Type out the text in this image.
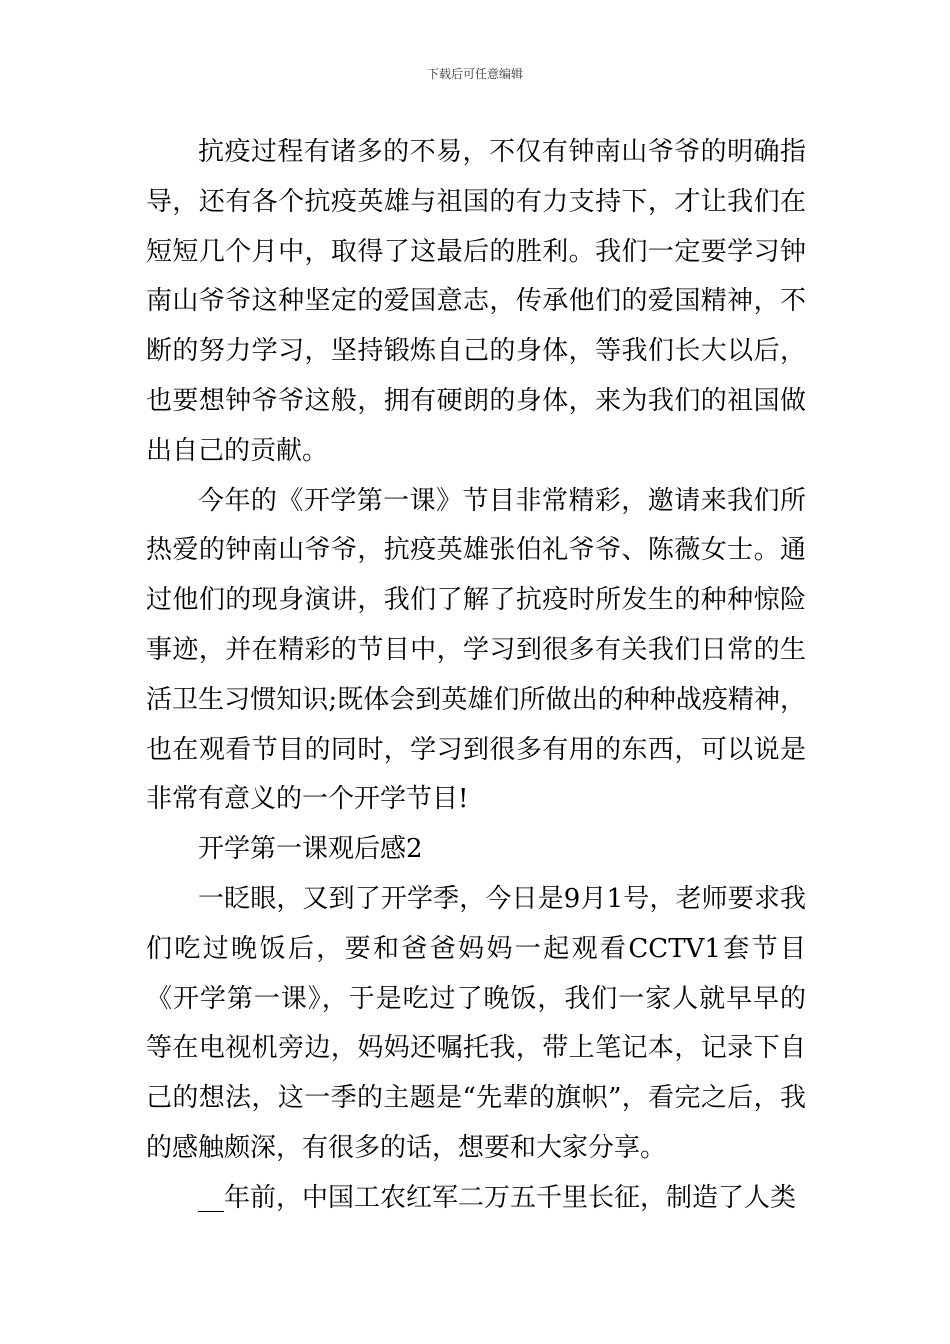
下载后可任意编辑

抗疫过程有诸多的不易，不仅有钟南山爷爷的明确指导，还有各个抗疫英雄与祖国的有力支持下，才让我们在短短几个月中，取得了这最后的胜利。我们一定要学习钟南山爷爷这种坚定的爱国意志，传承他们的爱国精神，不断的努力学习，坚持锻炼自己的身体，等我们长大以后，也要想钟爷爷这般，拥有硬朗的身体，来为我们的祖国做出自己的贡献。

今年的《开学第一课》节目非常精彩，邀请来我们所热爱的钟南山爷爷，抗疫英雄张伯礼爷爷、陈薇女士。通过他们的现身演讲，我们了解了抗疫时所发生的种种惊险事迹，并在精彩的节目中，学习到很多有关我们日常的生活卫生习惯知识;既体会到英雄们所做出的种种战疫精神，也在观看节目的同时，学习到很多有用的东西，可以说是非常有意义的一个开学节目!

开学第一课观后感2

一眨眼，又到了开学季，今日是9月1号，老师要求我们吃过晚饭后，要和爸爸妈妈一起观看CCTV1套节目《开学第一课》，于是吃过了晚饭，我们一家人就早早的等在电视机旁边，妈妈还嘱托我，带上笔记本，记录下自己的想法，这一季的主题是“先辈的旗帜”，看完之后，我的感触颇深，有很多的话，想要和大家分享。

__年前，中国工农红军二万五千里长征，制造了人类
